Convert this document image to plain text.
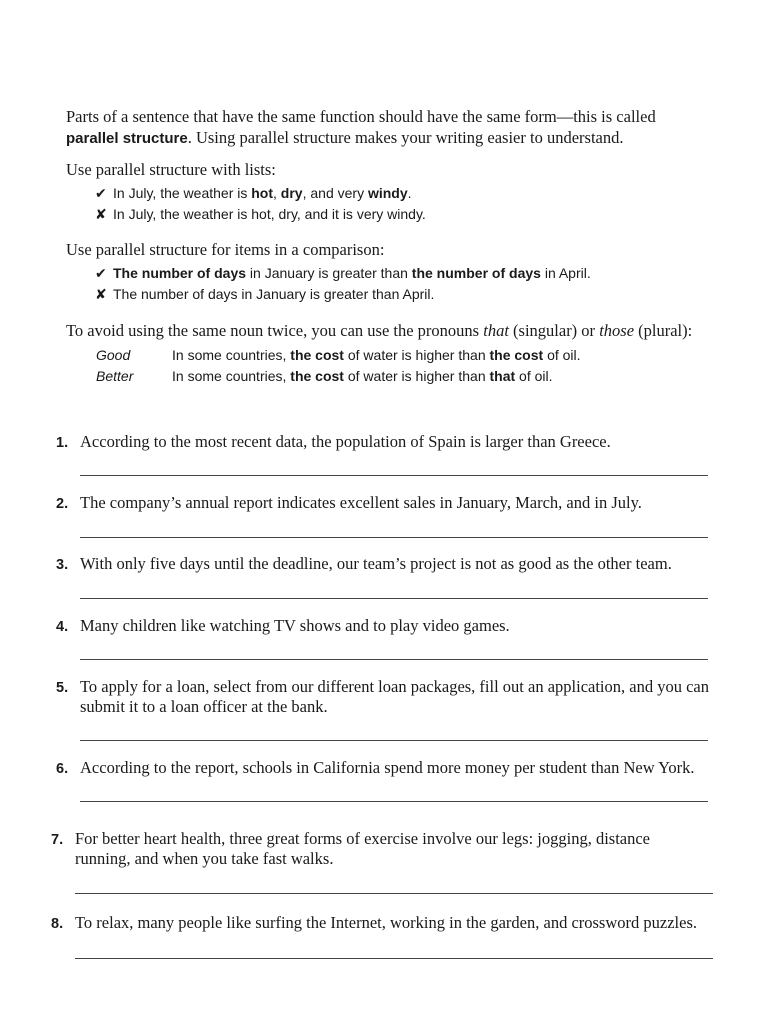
Parts of a sentence that have the same function should have the same form—this is called
parallel structure. Using parallel structure makes your writing easier to understand.
Use parallel structure with lists:
✔ In July, the weather is hot, dry, and very windy.
✘ In July, the weather is hot, dry, and it is very windy.
Use parallel structure for items in a comparison:
✔ The number of days in January is greater than the number of days in April.
✘ The number of days in January is greater than April.
To avoid using the same noun twice, you can use the pronouns that (singular) or those (plural):
Good	In some countries, the cost of water is higher than the cost of oil.
Better	In some countries, the cost of water is higher than that of oil.
1. According to the most recent data, the population of Spain is larger than Greece.
2. The company’s annual report indicates excellent sales in January, March, and in July.
3. With only five days until the deadline, our team’s project is not as good as the other team.
4. Many children like watching TV shows and to play video games.
5. To apply for a loan, select from our different loan packages, fill out an application, and you can submit it to a loan officer at the bank.
6. According to the report, schools in California spend more money per student than New York.
7. For better heart health, three great forms of exercise involve our legs: jogging, distance running, and when you take fast walks.
8. To relax, many people like surfing the Internet, working in the garden, and crossword puzzles.
